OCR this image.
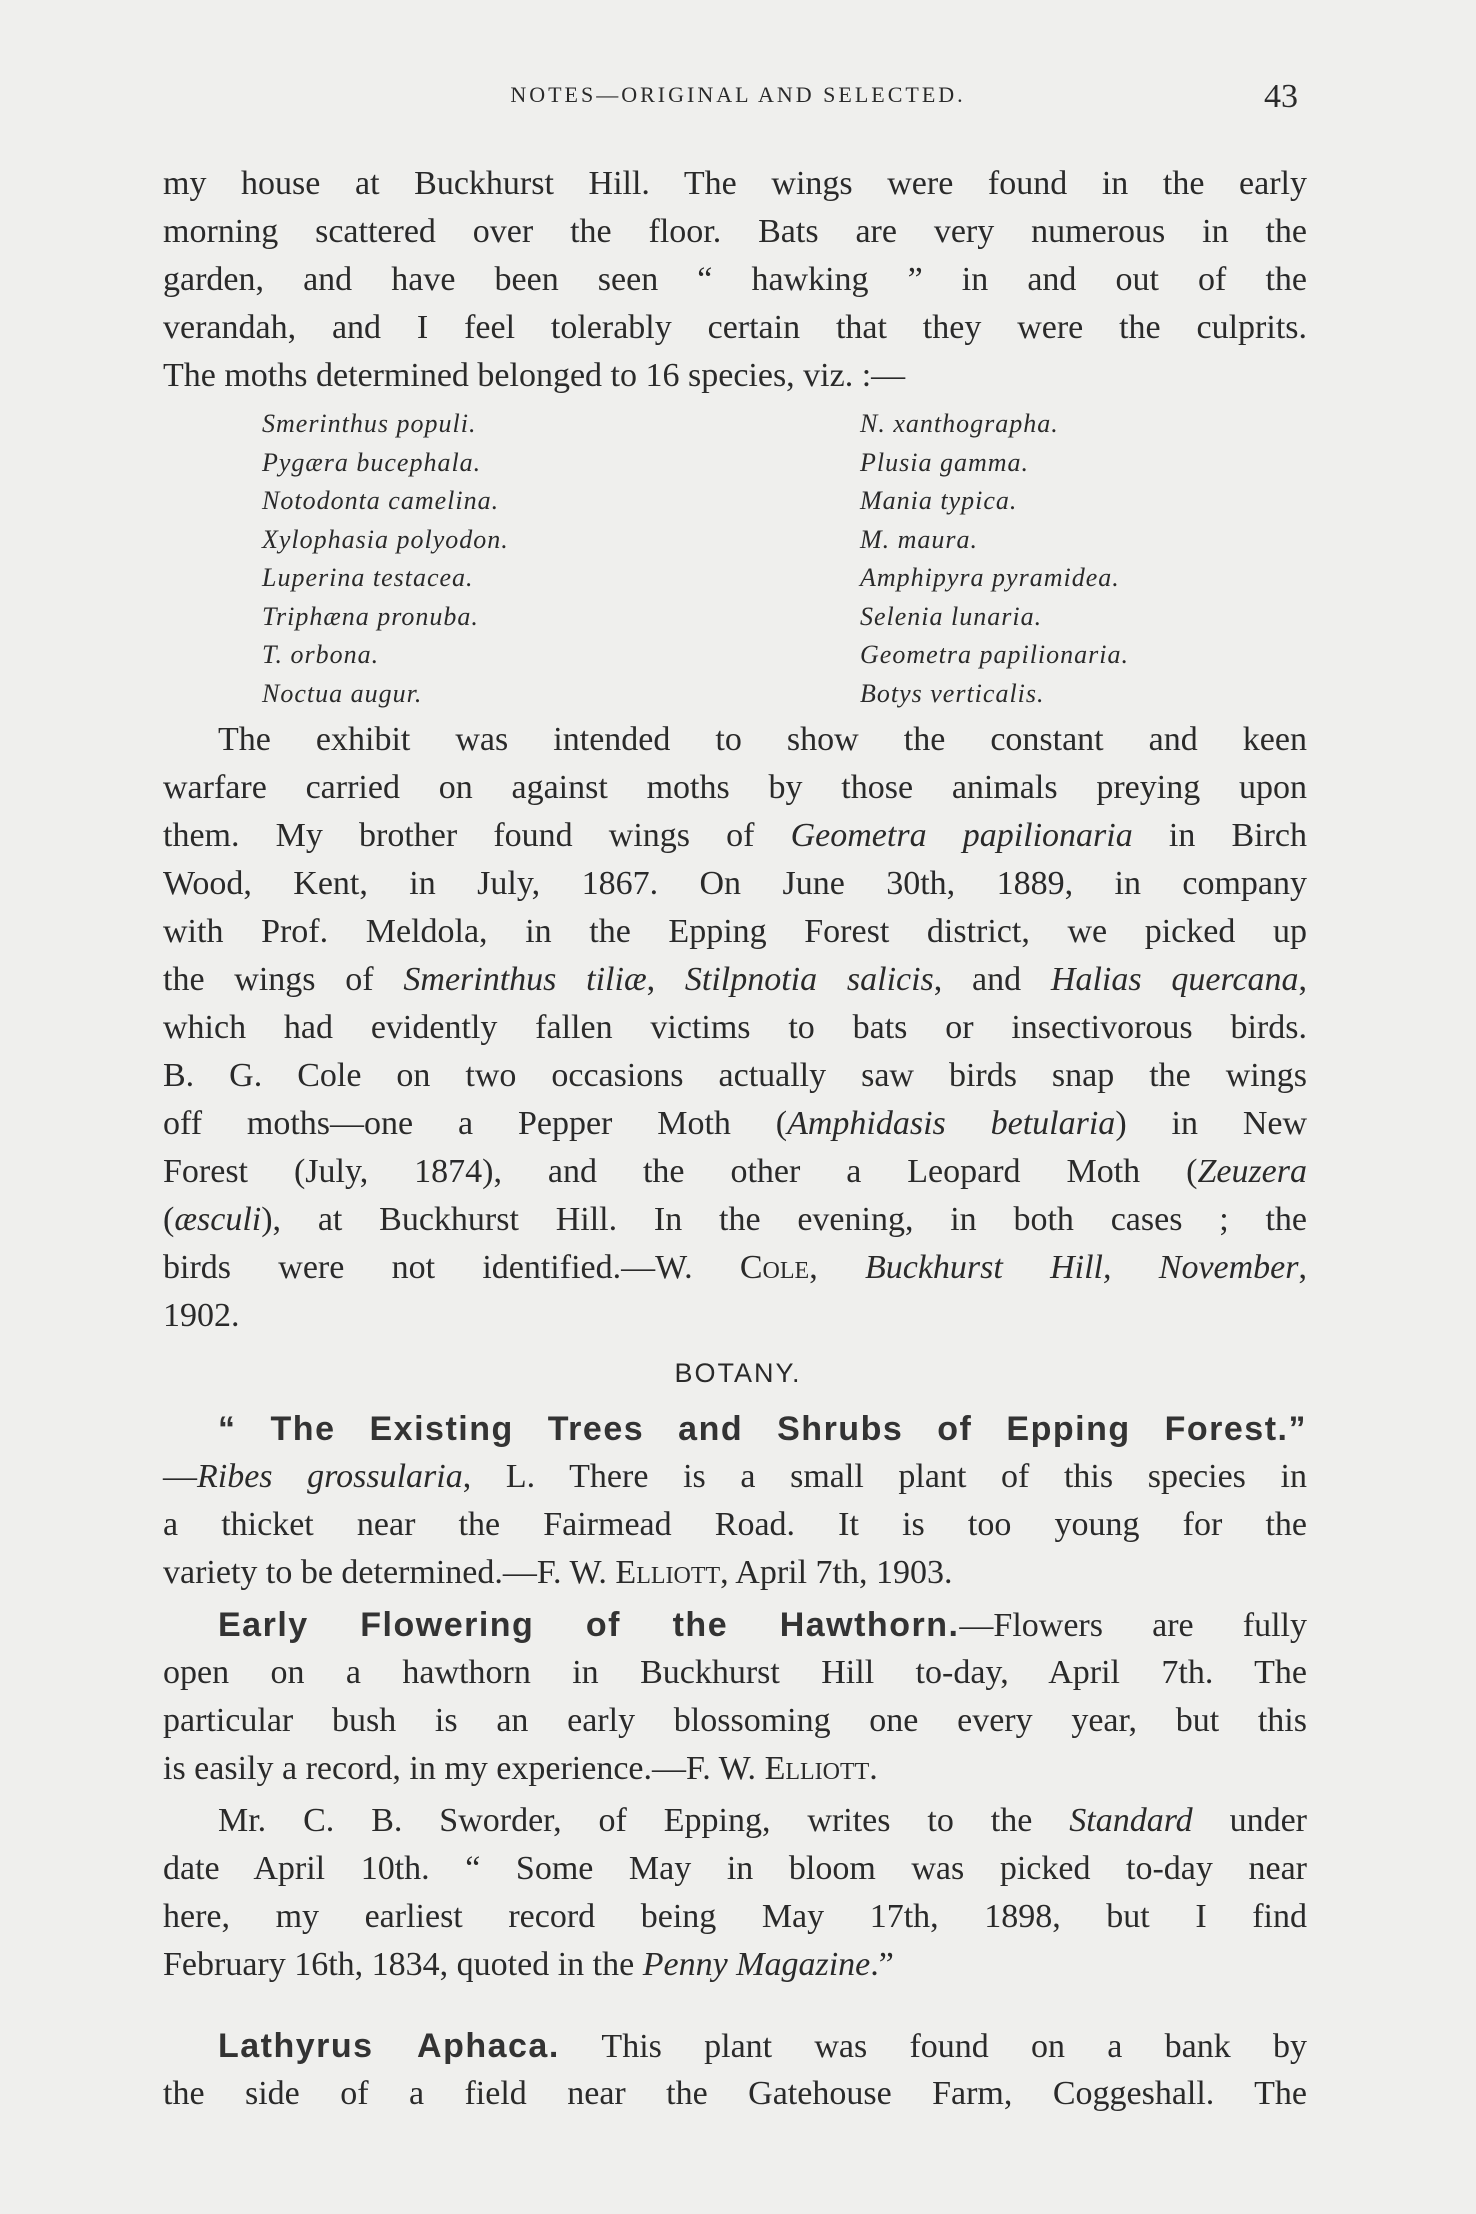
NOTES—ORIGINAL AND SELECTED.	43
my house at Buckhurst Hill. The wings were found in the early
morning scattered over the floor. Bats are very numerous in the
garden, and have been seen “ hawking ” in and out of the
verandah, and I feel tolerably certain that they were the culprits.
The moths determined belonged to 16 species, viz. :—
Smerinthus populi.
Pygæra bucephala.
Notodonta camelina.
Xylophasia polyodon.
Luperina testacea.
Triphæna pronuba.
T. orbona.
Noctua augur.
N. xanthographa.
Plusia gamma.
Mania typica.
M. maura.
Amphipyra pyramidea.
Selenia lunaria.
Geometra papilionaria.
Botys verticalis.
The exhibit was intended to show the constant and keen
warfare carried on against moths by those animals preying upon
them. My brother found wings of Geometra papilionaria in Birch
Wood, Kent, in July, 1867. On June 30th, 1889, in company
with Prof. Meldola, in the Epping Forest district, we picked up
the wings of Smerinthus tiliæ, Stilpnotia salicis, and Halias quercana,
which had evidently fallen victims to bats or insectivorous birds.
B. G. Cole on two occasions actually saw birds snap the wings
off moths—one a Pepper Moth (Amphidasis betularia) in New
Forest (July, 1874), and the other a Leopard Moth (Zeuzera
(æsculi), at Buckhurst Hill. In the evening, in both cases ; the
birds were not identified.—W. Cole, Buckhurst Hill, November,
1902.
BOTANY.
“ The Existing Trees and Shrubs of Epping Forest.”
—Ribes grossularia, L. There is a small plant of this species in
a thicket near the Fairmead Road. It is too young for the
variety to be determined.—F. W. Elliott, April 7th, 1903.
Early Flowering of the Hawthorn.—Flowers are fully
open on a hawthorn in Buckhurst Hill to-day, April 7th. The
particular bush is an early blossoming one every year, but this
is easily a record, in my experience.—F. W. Elliott.
Mr. C. B. Sworder, of Epping, writes to the Standard under
date April 10th. “ Some May in bloom was picked to-day near
here, my earliest record being May 17th, 1898, but I find
February 16th, 1834, quoted in the Penny Magazine.”
Lathyrus Aphaca. This plant was found on a bank by
the side of a field near the Gatehouse Farm, Coggeshall. The
